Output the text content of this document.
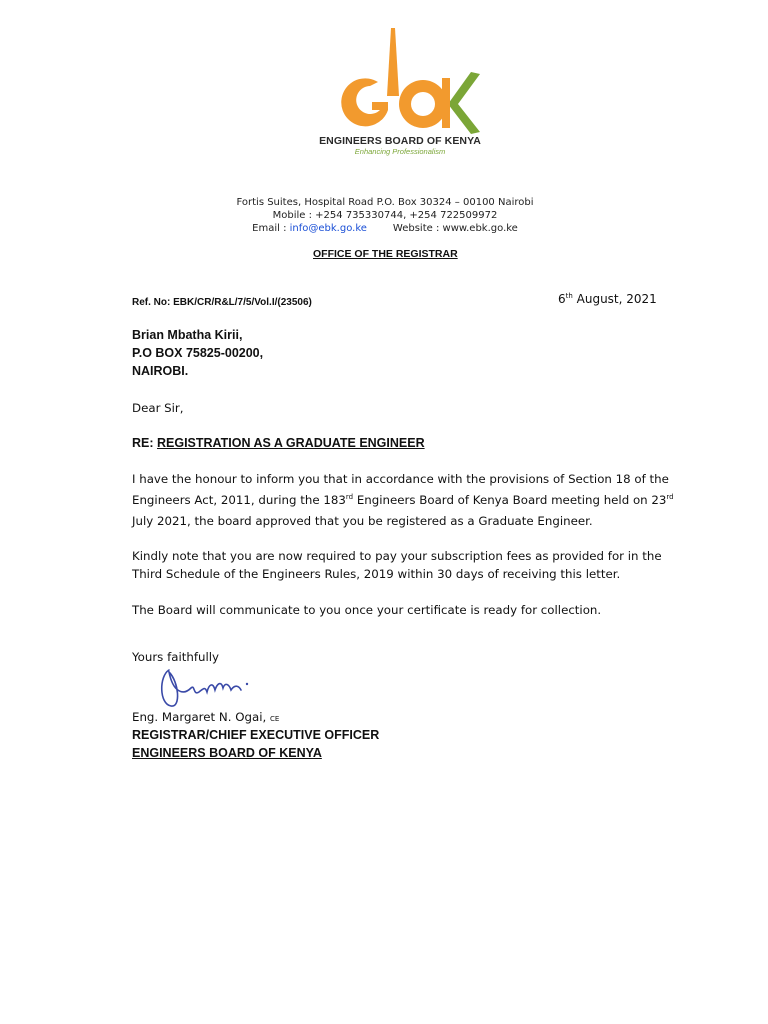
ENGINEERS BOARD OF KENYA
Enhancing Professionalism
Fortis Suites, Hospital Road P.O. Box 30324 – 00100 Nairobi
Mobile : +254 735330744, +254 722509972
Email : info@ebk.go.ke	Website : www.ebk.go.ke
OFFICE OF THE REGISTRAR
Ref. No: EBK/CR/R&L/7/5/Vol.I/(23506)	6th August, 2021
Brian Mbatha Kirii,
P.O BOX 75825-00200,
NAIROBI.
Dear Sir,
RE: REGISTRATION AS A GRADUATE ENGINEER
I have the honour to inform you that in accordance with the provisions of Section 18 of the Engineers Act, 2011, during the 183rd Engineers Board of Kenya Board meeting held on 23rd July 2021, the board approved that you be registered as a Graduate Engineer.
Kindly note that you are now required to pay your subscription fees as provided for in the Third Schedule of the Engineers Rules, 2019 within 30 days of receiving this letter.
The Board will communicate to you once your certificate is ready for collection.
Yours faithfully
Eng. Margaret N. Ogai, CE
REGISTRAR/CHIEF EXECUTIVE OFFICER
ENGINEERS BOARD OF KENYA
